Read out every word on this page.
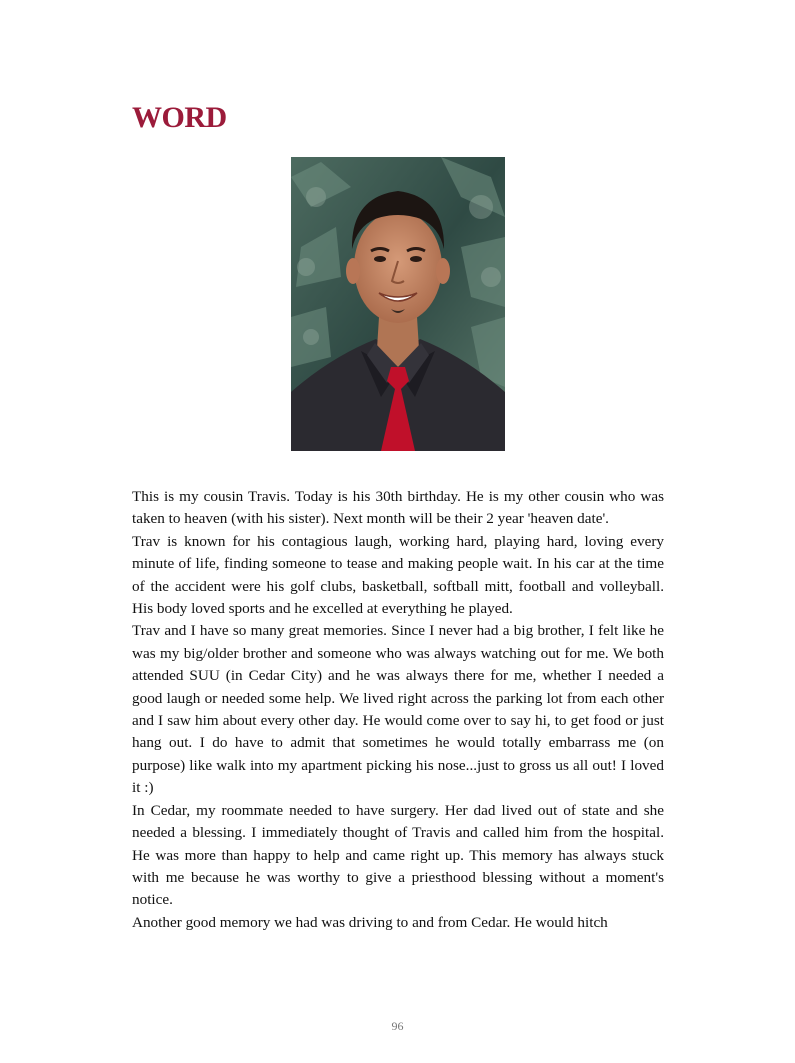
WORD

This is my cousin Travis. Today is his 30th birthday. He is my other cousin who was taken to heaven (with his sister). Next month will be their 2 year 'heaven date'.

Trav is known for his contagious laugh, working hard, playing hard, loving every minute of life, finding someone to tease and making people wait. In his car at the time of the accident were his golf clubs, basketball, softball mitt, football and volleyball. His body loved sports and he excelled at everything he played.

Trav and I have so many great memories. Since I never had a big brother, I felt like he was my big/older brother and someone who was always watching out for me. We both attended SUU (in Cedar City) and he was always there for me, whether I needed a good laugh or needed some help. We lived right across the parking lot from each other and I saw him about every other day. He would come over to say hi, to get food or just hang out. I do have to admit that sometimes he would totally embarrass me (on purpose) like walk into my apartment picking his nose...just to gross us all out! I loved it :)

In Cedar, my roommate needed to have surgery. Her dad lived out of state and she needed a blessing. I immediately thought of Travis and called him from the hospital. He was more than happy to help and came right up. This memory has always stuck with me because he was worthy to give a priesthood blessing without a moment's notice.

Another good memory we had was driving to and from Cedar. He would hitch

96
